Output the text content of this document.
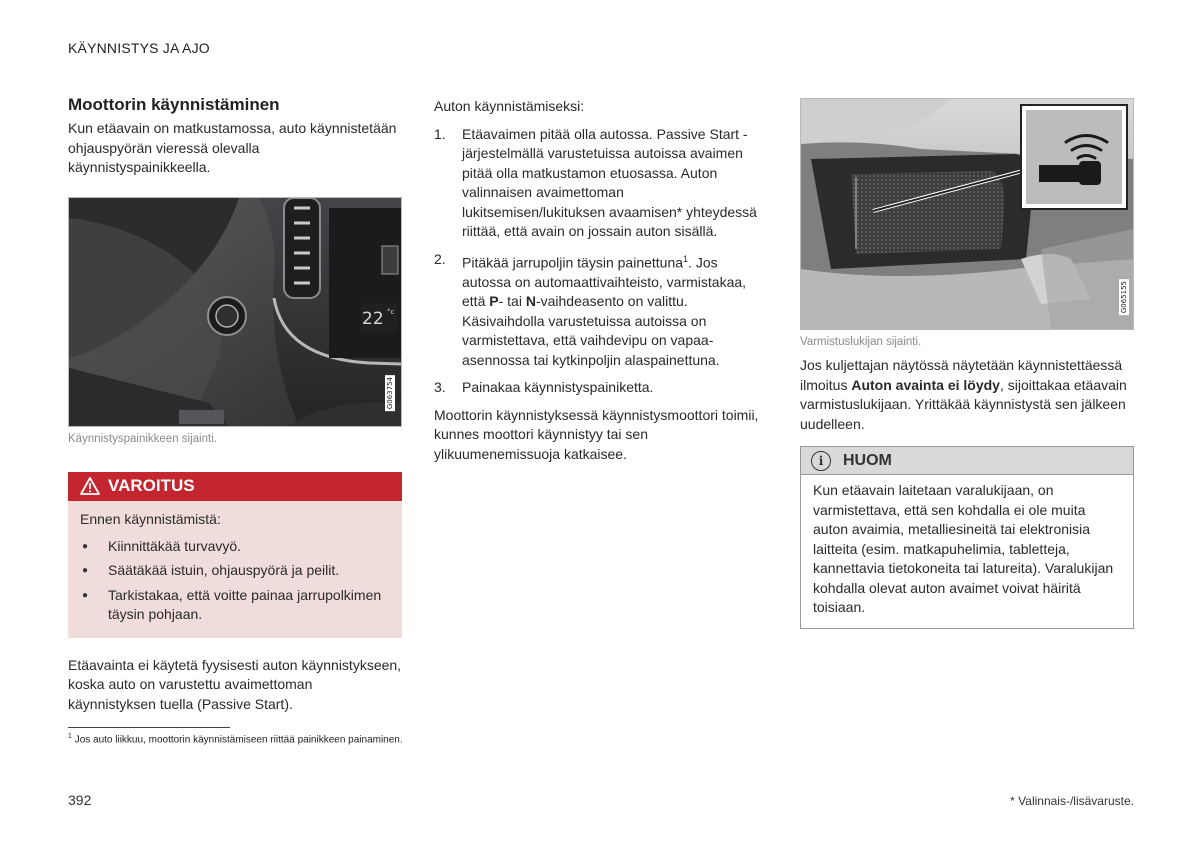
KÄYNNISTYS JA AJO
Moottorin käynnistäminen

Kun etäavain on matkustamossa, auto käynnistetään ohjauspyörän vieressä olevalla käynnistyspainikkeella.

22 °c
G063754
Käynnistyspainikkeen sijainti.
VAROITUS

Ennen käynnistämistä:

● Kiinnittäkää turvavyö.
● Säätäkää istuin, ohjauspyörä ja peilit.
● Tarkistakaa, että voitte painaa jarrupolkimen täysin pohjaan.

Etäavainta ei käytetä fyysisesti auton käynnistykseen, koska auto on varustettu avaimettoman käynnistyksen tuella (Passive Start).

Auton käynnistämiseksi:

1. Etäavaimen pitää olla autossa. Passive Start -järjestelmällä varustetuissa autoissa avaimen pitää olla matkustamon etuosassa. Auton valinnaisen avaimettoman lukitsemisen/lukituksen avaamisen* yhteydessä riittää, että avain on jossain auton sisällä.
2. Pitäkää jarrupoljin täysin painettuna$^1$. Jos autossa on automaattivaihteisto, varmistakaa, että P- tai N-vaihdeasento on valittu. Käsivaihdolla varustetuissa autoissa on varmistettava, että vaihdevipu on vapaa-asennossa tai kytkinpoljin alaspainettuna.
3. Painakaa käynnistyspainiketta.

Moottorin käynnistyksessä käynnistysmoottori toimii, kunnes moottori käynnistyy tai sen ylikuumenemissuoja katkaisee.

G065155
Varmistuslukijan sijainti.

Jos kuljettajan näytössä näytetään käynnistettäessä ilmoitus Auton avainta ei löydy, sijoittakaa etäavain varmistuslukijaan. Yrittäkää käynnistystä sen jälkeen uudelleen.

i	HUOM

Kun etäavain laitetaan varalukijaan, on varmistettava, että sen kohdalla ei ole muita auton avaimia, metalliesineitä tai elektronisia laitteita (esim. matkapuhelimia, tabletteja, kannettavia tietokoneita tai latureita). Varalukijan kohdalla olevat auton avaimet voivat häiritä toisiaan.

$^1$ Jos auto liikkuu, moottorin käynnistämiseen riittää painikkeen painaminen.
392	* Valinnais-/lisävaruste.
